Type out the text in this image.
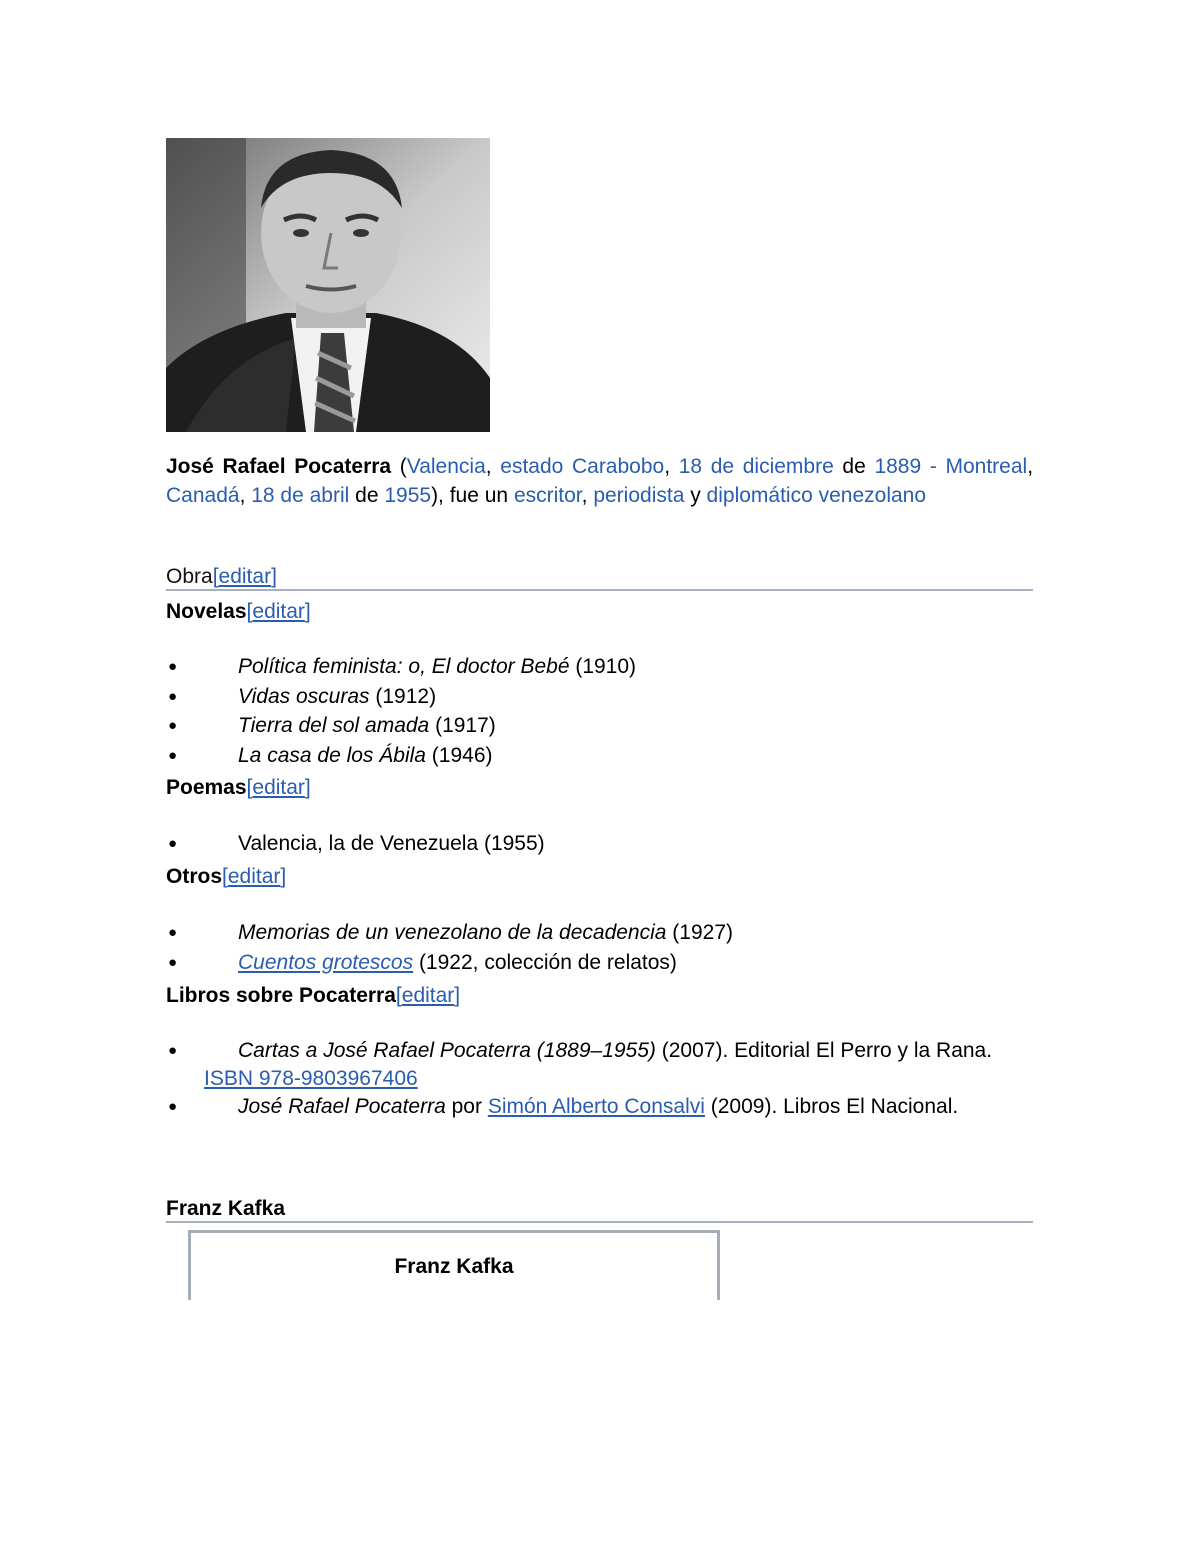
José Rafael Pocaterra (Valencia, estado Carabobo, 18 de diciembre de 1889 - Montreal, Canadá, 18 de abril de 1955), fue un escritor, periodista y diplomático venezolano
Obra[editar]
Novelas[editar]
● Política feminista: o, El doctor Bebé (1910)
● Vidas oscuras (1912)
● Tierra del sol amada (1917)
● La casa de los Ábila (1946)
Poemas[editar]
● Valencia, la de Venezuela (1955)
Otros[editar]
● Memorias de un venezolano de la decadencia (1927)
● Cuentos grotescos (1922, colección de relatos)
Libros sobre Pocaterra[editar]
● Cartas a José Rafael Pocaterra (1889–1955) (2007). Editorial El Perro y la Rana. ISBN 978-9803967406
● José Rafael Pocaterra por Simón Alberto Consalvi (2009). Libros El Nacional.
Franz Kafka
Franz Kafka
